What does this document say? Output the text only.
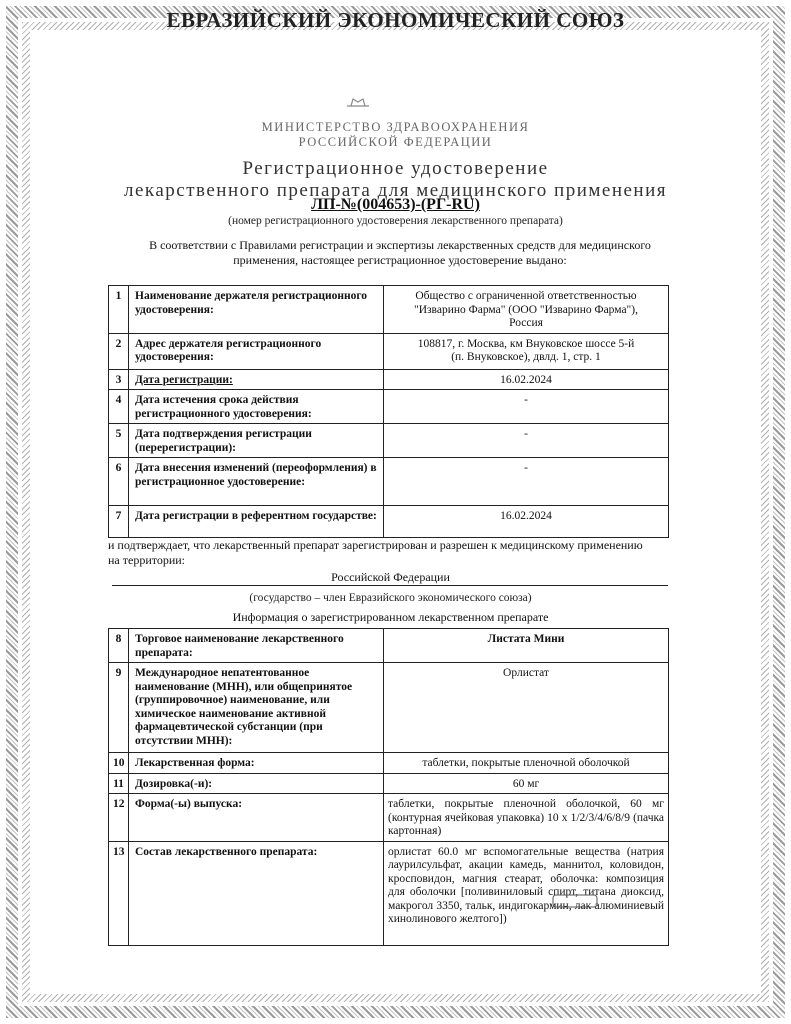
ЕВРАЗИЙСКИЙ ЭКОНОМИЧЕСКИЙ СОЮЗ
МИНИСТЕРСТВО ЗДРАВООХРАНЕНИЯ
РОССИЙСКОЙ ФЕДЕРАЦИИ
Регистрационное удостоверение
лекарственного препарата для медицинского применения
ЛП-№(004653)-(РГ-RU)
(номер регистрационного удостоверения лекарственного препарата)
В соответствии с Правилами регистрации и экспертизы лекарственных средств для медицинского
применения, настоящее регистрационное удостоверение выдано:
1	Наименование держателя регистрационного удостоверения:	Общество с ограниченной ответственностью
"Изварино Фарма" (ООО "Изварино Фарма"),
Россия

2	Адрес держателя регистрационного удостоверения:	108817, г. Москва, км Внуковское шоссе 5-й
(п. Внуковское), двлд. 1, стр. 1

3	Дата регистрации:	16.02.2024
4	Дата истечения срока действия регистрационного удостоверения:	-
5	Дата подтверждения регистрации (перерегистрации):	-
6	Дата внесения изменений (переоформления) в регистрационное удостоверение:	-
7	Дата регистрации в референтном государстве:	16.02.2024
и подтверждает, что лекарственный препарат зарегистрирован и разрешен к медицинскому применению
на территории:
Российской Федерации
(государство – член Евразийского экономического союза)
Информация о зарегистрированном лекарственном препарате
8	Торговое наименование лекарственного препарата:	Листата Мини
9	Международное непатентованное наименование (МНН), или общепринятое (группировочное) наименование, или химическое наименование активной фармацевтической субстанции (при отсутствии МНН):	Орлистат
10	Лекарственная форма:	таблетки, покрытые пленочной оболочкой
11	Дозировка(-и):	60 мг
12	Форма(-ы) выпуска:	таблетки, покрытые пленочной оболочкой, 60 мг (контурная ячейковая упаковка) 10 х 1/2/3/4/6/8/9 (пачка картонная)
13	Состав лекарственного препарата:	орлистат 60.0 мг вспомогательные вещества (натрия лаурилсульфат, акации камедь, маннитол, коловидон, кросповидон, магния стеарат, оболочка: композиция для оболочки [поливиниловый спирт, титана диоксид, макрогол 3350, тальк, индигокармин, лак алюминиевый хинолинового желтого])
